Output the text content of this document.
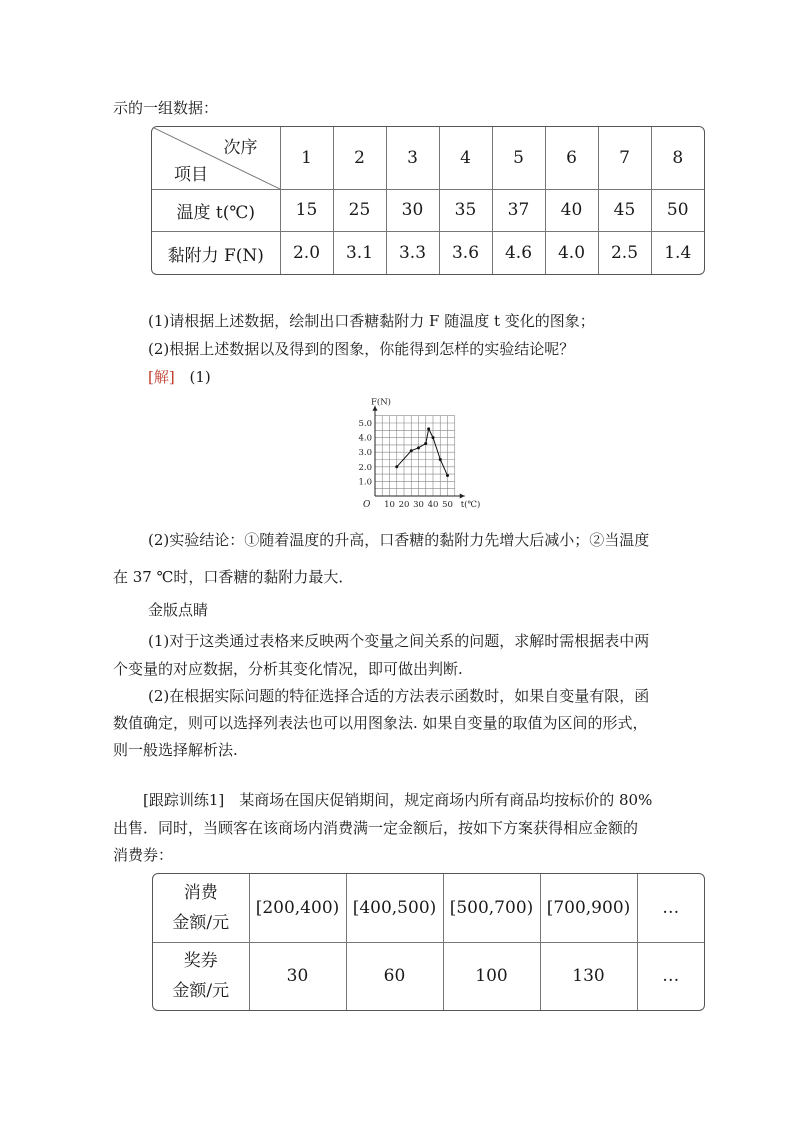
示的一组数据：
次序
项目	1	2	3	4	5	6	7	8
温度 t(℃)	15	25	30	35	37	40	45	50
黏附力 F(N)	2.0	3.1	3.3	3.6	4.6	4.0	2.5	1.4
(1)请根据上述数据，绘制出口香糖黏附力 F 随温度 t 变化的图象；
(2)根据上述数据以及得到的图象，你能得到怎样的实验结论呢？
[解] (1)
10 20 30 40 50
1.0
2.0
3.0
4.0
5.0
O
F(N)
t(℃)
(2)实验结论：①随着温度的升高，口香糖的黏附力先增大后减小；②当温度
在 37 ℃时，口香糖的黏附力最大．
金版点睛
(1)对于这类通过表格来反映两个变量之间关系的问题，求解时需根据表中两
个变量的对应数据，分析其变化情况，即可做出判断.
(2)在根据实际问题的特征选择合适的方法表示函数时，如果自变量有限，函
数值确定，则可以选择列表法也可以用图象法. 如果自变量的取值为区间的形式，
则一般选择解析法.
[跟踪训练1]　某商场在国庆促销期间，规定商场内所有商品均按标价的 80%
出售．同时，当顾客在该商场内消费满一定金额后，按如下方案获得相应金额的
消费券：
消费
金额/元	[200,400)	[400,500)	[500,700)	[700,900)	…

奖券
金额/元	30	60	100	130	…
